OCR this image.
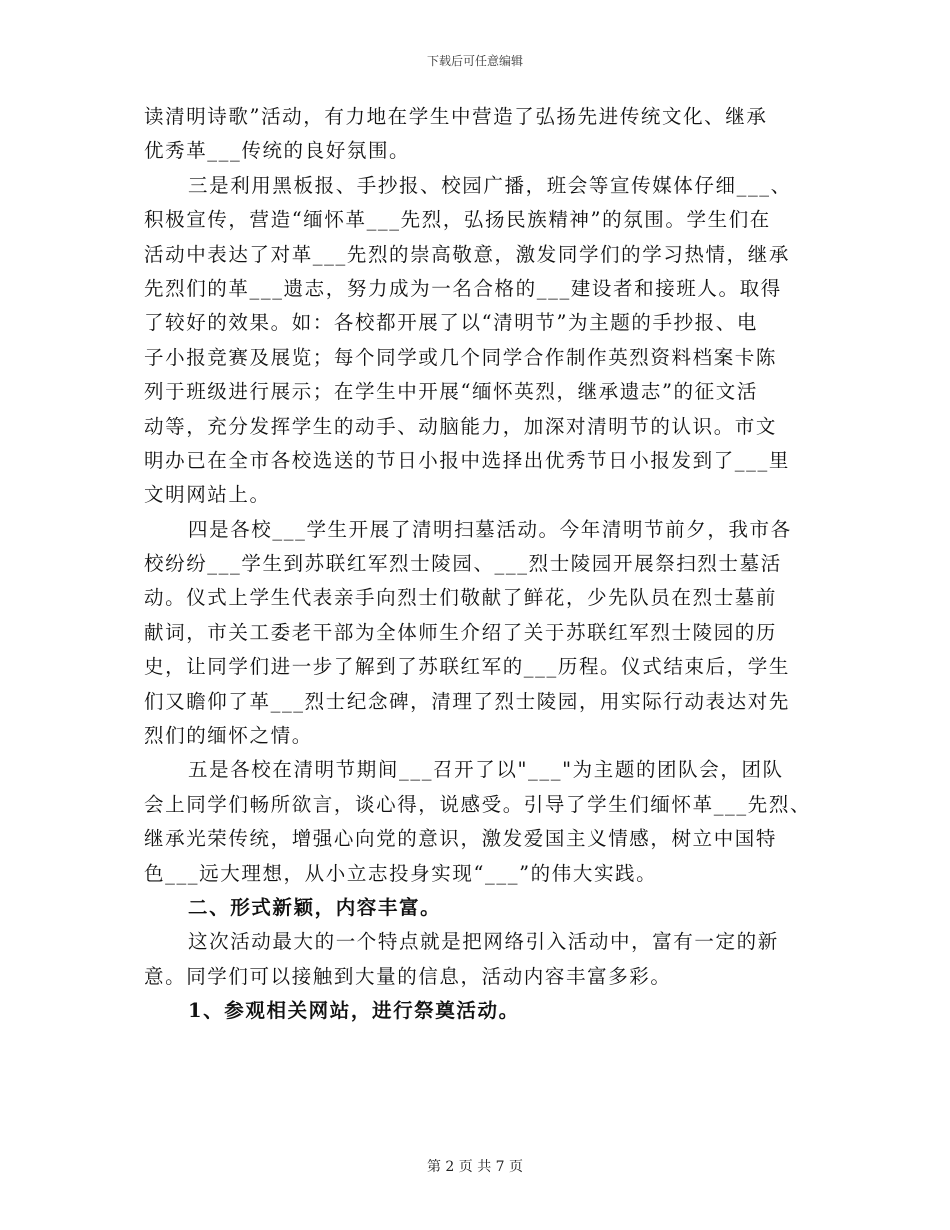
下载后可任意编辑
读清明诗歌”活动，有力地在学生中营造了弘扬先进传统文化、继承
优秀革___传统的良好氛围。
三是利用黑板报、手抄报、校园广播，班会等宣传媒体仔细___、
积极宣传，营造“缅怀革___先烈，弘扬民族精神”的氛围。学生们在
活动中表达了对革___先烈的崇高敬意，激发同学们的学习热情，继承
先烈们的革___遗志，努力成为一名合格的___建设者和接班人。取得
了较好的效果。如：各校都开展了以“清明节”为主题的手抄报、电
子小报竞赛及展览；每个同学或几个同学合作制作英烈资料档案卡陈
列于班级进行展示；在学生中开展“缅怀英烈，继承遗志”的征文活
动等，充分发挥学生的动手、动脑能力，加深对清明节的认识。市文
明办已在全市各校选送的节日小报中选择出优秀节日小报发到了___里
文明网站上。
四是各校___学生开展了清明扫墓活动。今年清明节前夕，我市各
校纷纷___学生到苏联红军烈士陵园、___烈士陵园开展祭扫烈士墓活
动。仪式上学生代表亲手向烈士们敬献了鲜花，少先队员在烈士墓前
献词，市关工委老干部为全体师生介绍了关于苏联红军烈士陵园的历
史，让同学们进一步了解到了苏联红军的___历程。仪式结束后，学生
们又瞻仰了革___烈士纪念碑，清理了烈士陵园，用实际行动表达对先
烈们的缅怀之情。
五是各校在清明节期间___召开了以"___"为主题的团队会，团队
会上同学们畅所欲言，谈心得，说感受。引导了学生们缅怀革___先烈、
继承光荣传统，增强心向党的意识，激发爱国主义情感，树立中国特
色___远大理想，从小立志投身实现“___”的伟大实践。
二、形式新颖，内容丰富。
这次活动最大的一个特点就是把网络引入活动中，富有一定的新
意。同学们可以接触到大量的信息，活动内容丰富多彩。
1、参观相关网站，进行祭奠活动。
第 2 页 共 7 页
